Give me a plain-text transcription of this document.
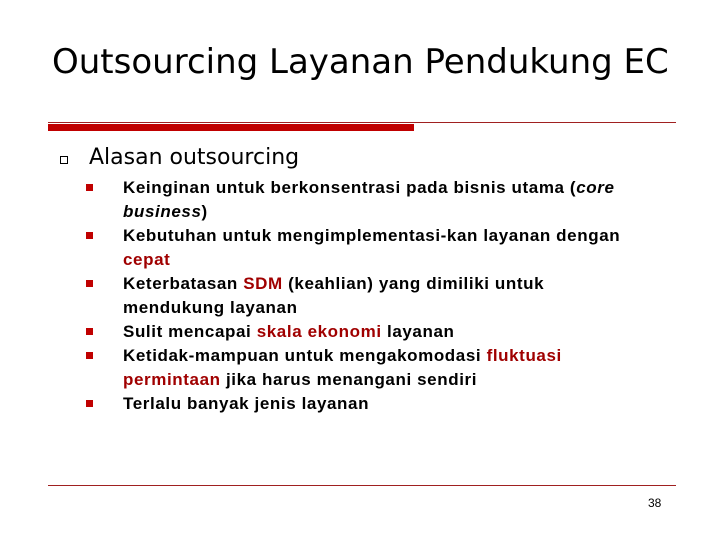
Outsourcing Layanan Pendukung EC
Alasan outsourcing
Keinginan untuk berkonsentrasi pada bisnis utama (core business)
Kebutuhan untuk mengimplementasi-kan layanan dengan cepat
Keterbatasan SDM (keahlian) yang dimiliki untuk mendukung layanan
Sulit mencapai skala ekonomi layanan
Ketidak-mampuan untuk mengakomodasi fluktuasi permintaan jika harus menangani sendiri
Terlalu banyak jenis layanan
38
